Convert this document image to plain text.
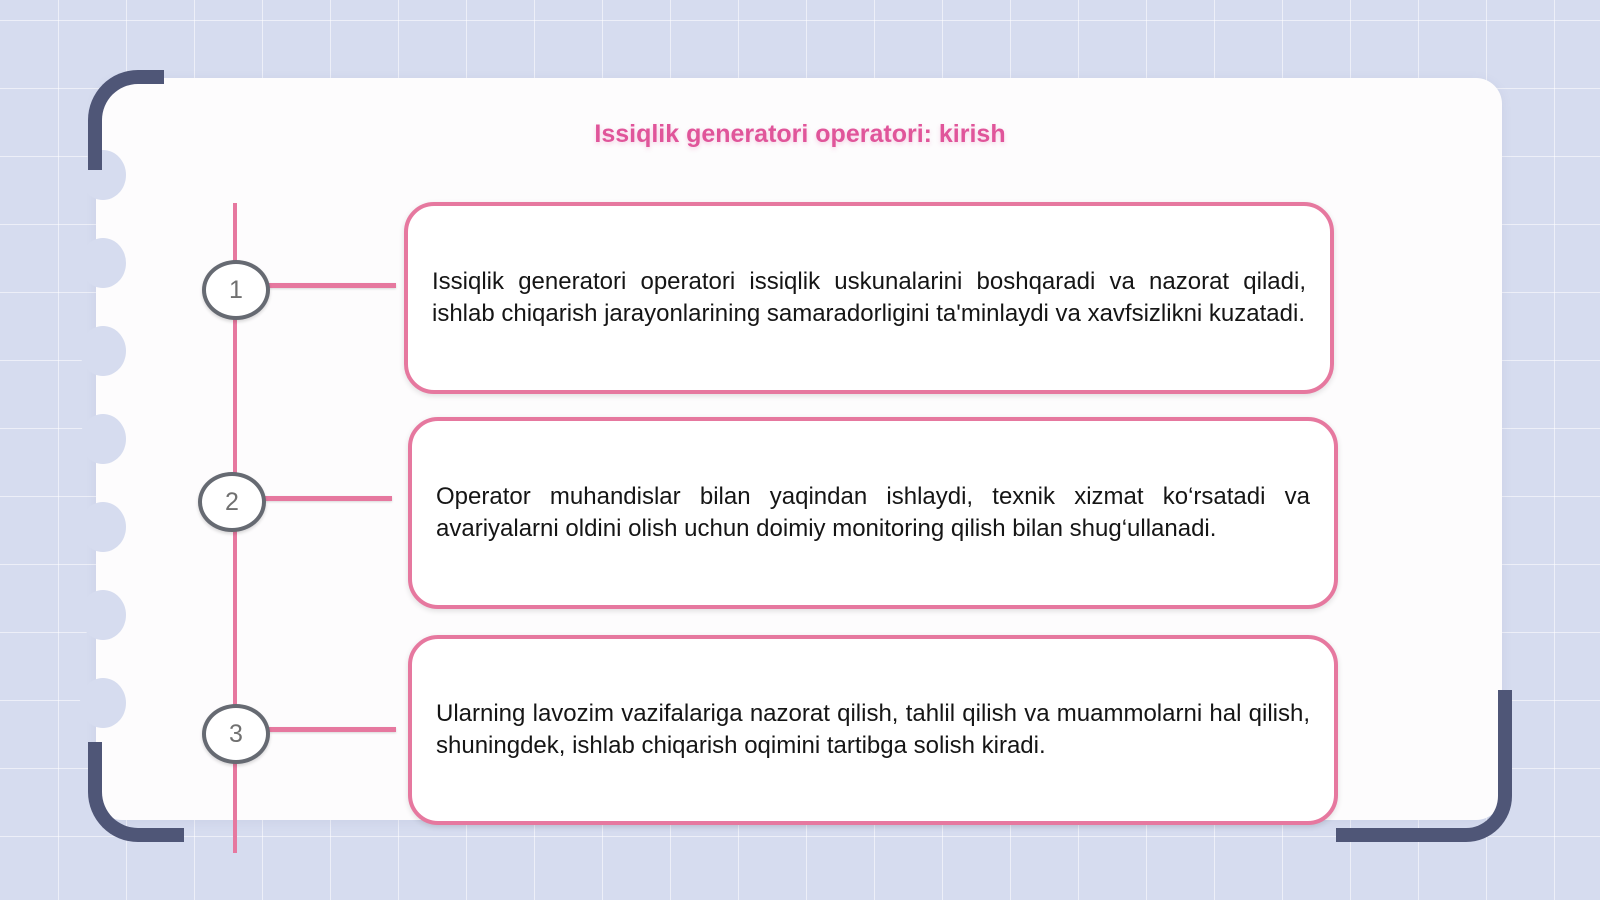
Issiqlik generatori operatori: kirish
1
2
3

Issiqlik generatori operatori issiqlik uskunalarini boshqaradi va nazorat qiladi, ishlab chiqarish jarayonlarining samaradorligini ta'minlaydi va xavfsizlikni kuzatadi.

Operator muhandislar bilan yaqindan ishlaydi, texnik xizmat ko‘rsatadi va avariyalarni oldini olish uchun doimiy monitoring qilish bilan shug‘ullanadi.

Ularning lavozim vazifalariga nazorat qilish, tahlil qilish va muammolarni hal qilish, shuningdek, ishlab chiqarish oqimini tartibga solish kiradi.
